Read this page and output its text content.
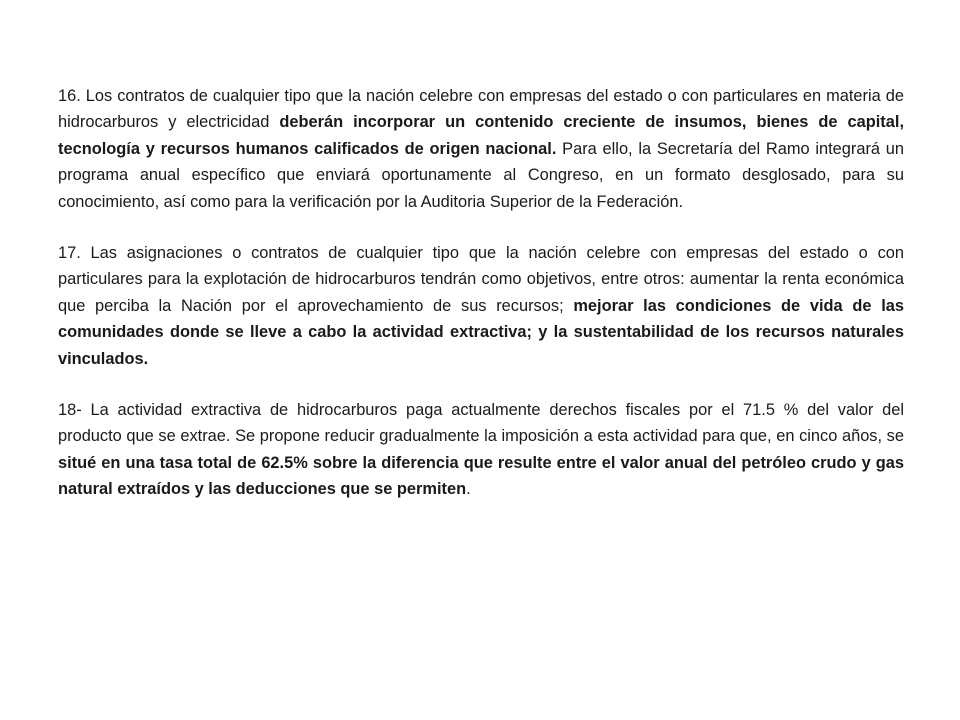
16. Los contratos de cualquier tipo que la nación celebre con empresas del estado o con particulares en materia de hidrocarburos y electricidad deberán incorporar un contenido creciente de insumos, bienes de capital, tecnología y recursos humanos calificados de origen nacional. Para ello, la Secretaría del Ramo integrará un programa anual específico que enviará oportunamente al Congreso, en un formato desglosado, para su conocimiento, así como para la verificación por la Auditoria Superior de la Federación.

17. Las asignaciones o contratos de cualquier tipo que la nación celebre con empresas del estado o con particulares para la explotación de hidrocarburos tendrán como objetivos, entre otros: aumentar la renta económica que perciba la Nación por el aprovechamiento de sus recursos; mejorar las condiciones de vida de las comunidades donde se lleve a cabo la actividad extractiva; y la sustentabilidad de los recursos naturales vinculados.

18- La actividad extractiva de hidrocarburos paga actualmente derechos fiscales por el 71.5 % del valor del producto que se extrae. Se propone reducir gradualmente la imposición a esta actividad para que, en cinco años, se situé en una tasa total de 62.5% sobre la diferencia que resulte entre el valor anual del petróleo crudo y gas natural extraídos y las deducciones que se permiten.
